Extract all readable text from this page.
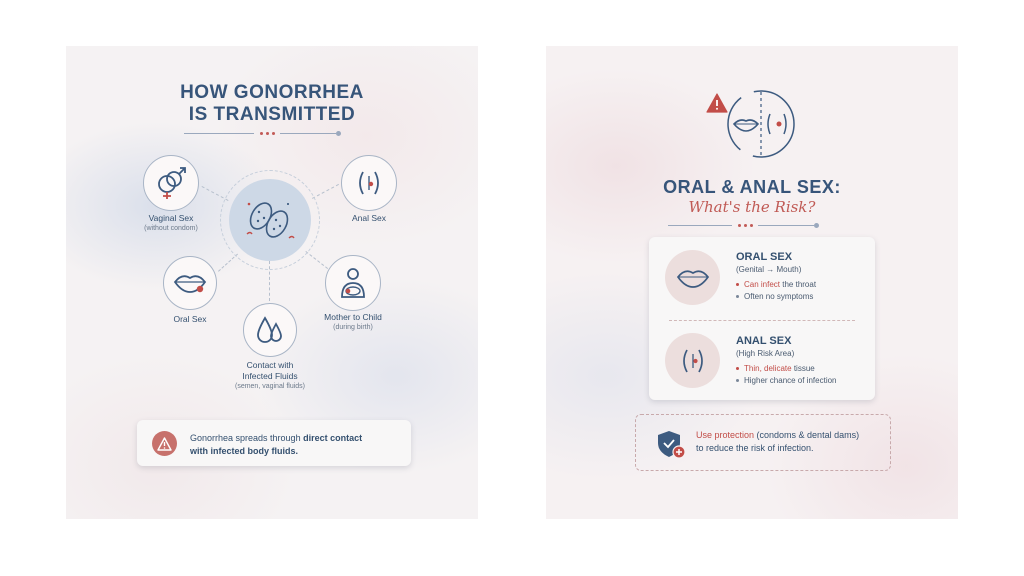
HOW GONORRHEA
IS TRANSMITTED
Vaginal Sex
(without condom)
Anal Sex
Oral Sex	Mother to Child
(during birth)
Contact with
Infected Fluids
(semen, vaginal fluids)
Gonorrhea spreads through direct contact
with infected body fluids.
ORAL & ANAL SEX:
What's the Risk?
ORAL SEX
(Genital → Mouth)
Can infect the throat
Often no symptoms
ANAL SEX
(High Risk Area)
Thin, delicate tissue
Higher chance of infection
Use protection (condoms & dental dams)
to reduce the risk of infection.
